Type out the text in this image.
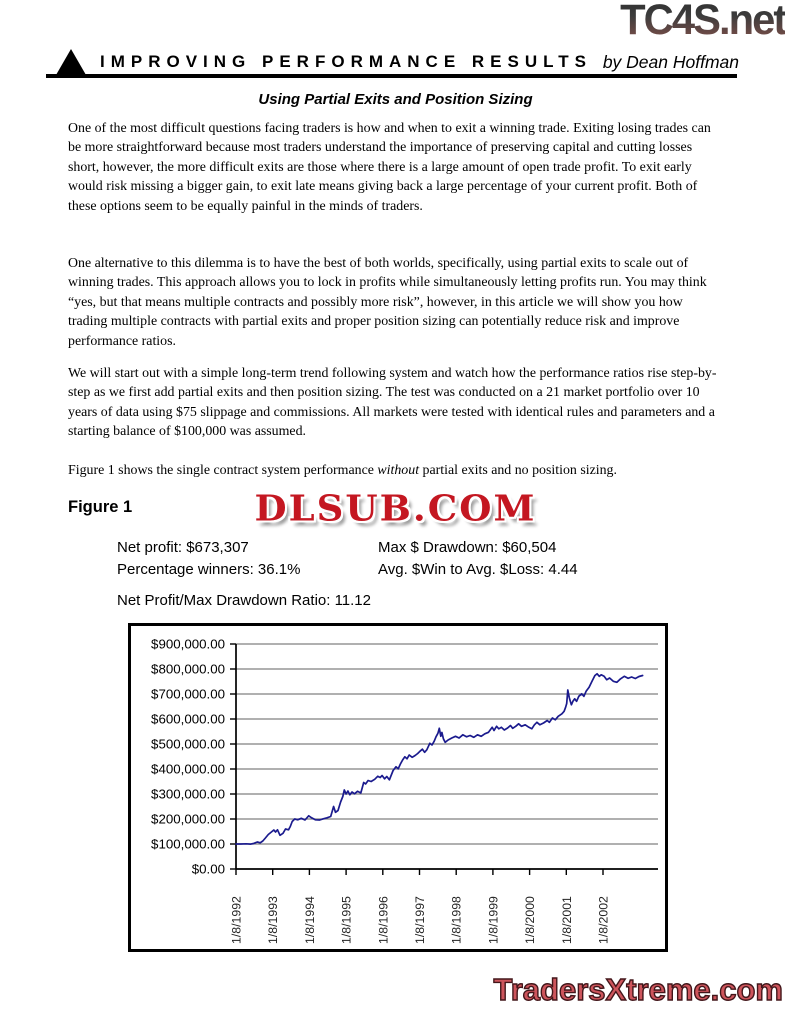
TC4S.net
IMPROVING PERFORMANCE RESULTS by Dean Hoffman
Using Partial Exits and Position Sizing
One of the most difficult questions facing traders is how and when to exit a winning trade. Exiting losing trades can be more straightforward because most traders understand the importance of preserving capital and cutting losses short, however, the more difficult exits are those where there is a large amount of open trade profit. To exit early would risk missing a bigger gain, to exit late means giving back a large percentage of your current profit. Both of these options seem to be equally painful in the minds of traders.
One alternative to this dilemma is to have the best of both worlds, specifically, using partial exits to scale out of winning trades. This approach allows you to lock in profits while simultaneously letting profits run. You may think “yes, but that means multiple contracts and possibly more risk”, however, in this article we will show you how trading multiple contracts with partial exits and proper position sizing can potentially reduce risk and improve performance ratios.
We will start out with a simple long-term trend following system and watch how the performance ratios rise step-by-step as we first add partial exits and then position sizing. The test was conducted on a 21 market portfolio over 10 years of data using $75 slippage and commissions. All markets were tested with identical rules and parameters and a starting balance of $100,000 was assumed.
Figure 1 shows the single contract system performance without partial exits and no position sizing.
Figure 1	DLSUB.COM
Net profit: $673,307
Percentage winners: 36.1%
Max $ Drawdown: $60,504
Avg. $Win to Avg. $Loss: 4.44
Net Profit/Max Drawdown Ratio: 11.12
$900,000.00
$800,000.00
$700,000.00
$600,000.00
$500,000.00
$400,000.00
$300,000.00
$200,000.00
$100,000.00
$0.00
1/8/1992 1/8/1993 1/8/1994 1/8/1995 1/8/1996 1/8/1997 1/8/1998 1/8/1999 1/8/2000 1/8/2001 1/8/2002
TradersXtreme.com
